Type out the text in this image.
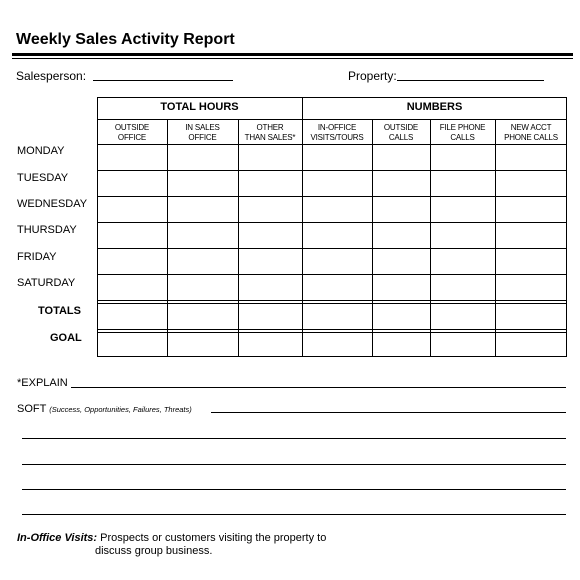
Weekly Sales Activity Report
Salesperson:	Property:
TOTAL HOURS	NUMBERS
OUTSIDE
OFFICE
IN SALES
OFFICE
OTHER
THAN SALES*
IN-OFFICE
VISITS/TOURS
OUTSIDE
CALLS
FILE PHONE
CALLS
NEW ACCT
PHONE CALLS
MONDAY
TUESDAY
WEDNESDAY
THURSDAY
FRIDAY
SATURDAY
TOTALS
GOAL
*EXPLAIN
SOFT (Success, Opportunities, Failures, Threats)
In-Office Visits: Prospects or customers visiting the property to
discuss group business.
